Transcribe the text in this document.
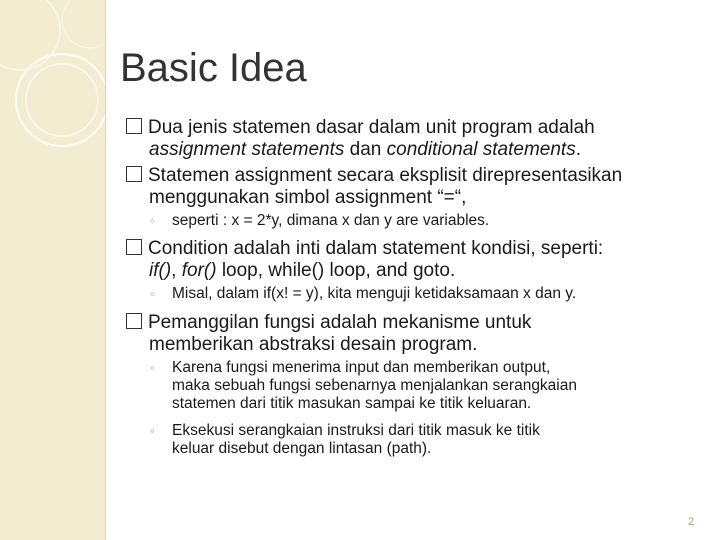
Basic Idea
Dua jenis statemen dasar dalam unit program adalah
assignment statements dan conditional statements.
Statemen assignment secara eksplisit direpresentasikan
menggunakan simbol assignment “=“,
◦ seperti : x = 2*y, dimana x dan y are variables.
Condition adalah inti dalam statement kondisi, seperti:
if(), for() loop, while() loop, and goto.
◦ Misal, dalam if(x! = y), kita menguji ketidaksamaan x dan y.
Pemanggilan fungsi adalah mekanisme untuk
memberikan abstraksi desain program.
◦ Karena fungsi menerima input dan memberikan output,
maka sebuah fungsi sebenarnya menjalankan serangkaian
statemen dari titik masukan sampai ke titik keluaran.
◦ Eksekusi serangkaian instruksi dari titik masuk ke titik
keluar disebut dengan lintasan (path).
2
